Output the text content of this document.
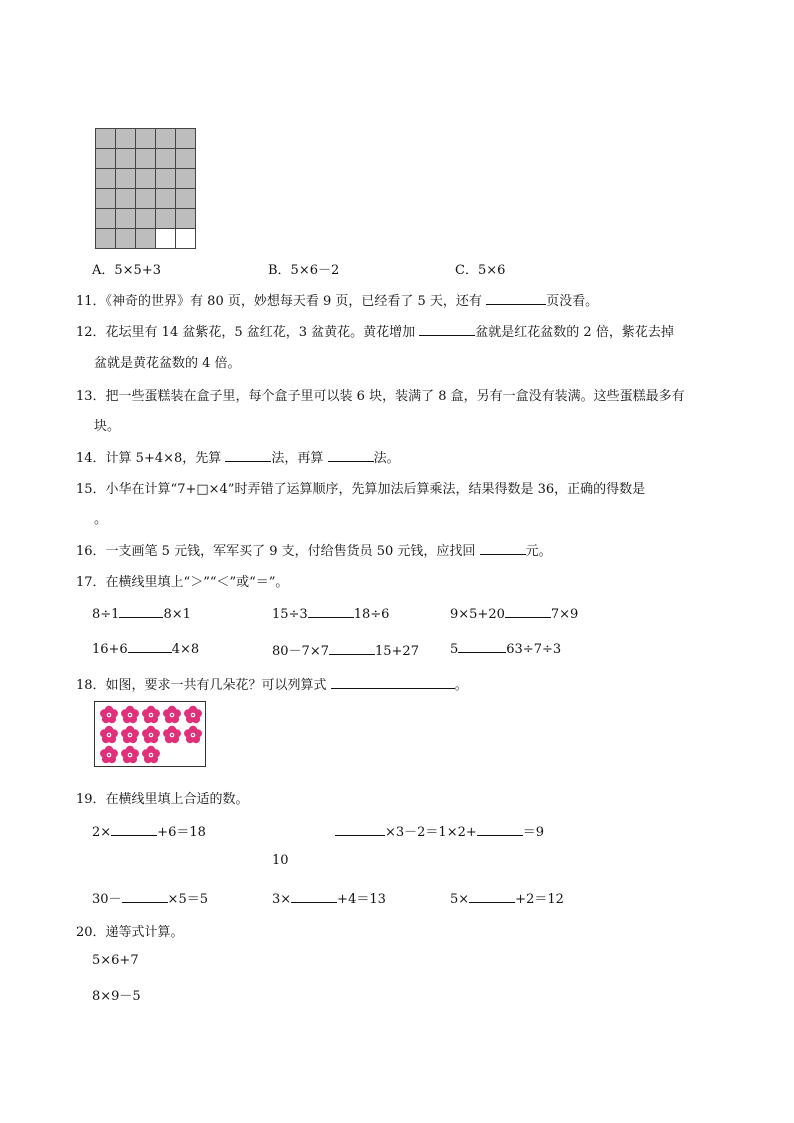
A．5×5+3	B．5×6－2	C．5×6
11．《神奇的世界》有 80 页，妙想每天看 9 页，已经看了 5 天，还有	页没看。
12．花坛里有 14 盆紫花，5 盆红花，3 盆黄花。黄花增加	盆就是红花盆数的 2 倍，紫花去掉
盆就是黄花盆数的 4 倍。
13．把一些蛋糕装在盒子里，每个盒子里可以装 6 块，装满了 8 盒，另有一盒没有装满。这些蛋糕最多有
块。
14．计算 5+4×8，先算	法，再算	法。
15．小华在计算“7+□×4”时弄错了运算顺序，先算加法后算乘法，结果得数是 36，正确的得数是
。
16．一支画笔 5 元钱，军军买了 9 支，付给售货员 50 元钱，应找回	元。
17．在横线里填上“＞”“＜”或“＝”。
8÷1	8×1	15÷3	18÷6	9×5+20	7×9
16+6	4×8	80－7×7	15+27 5	63÷7÷3
18．如图，要求一共有几朵花？可以列算式	。
19．在横线里填上合适的数。
2×	+6＝18	×3－2＝1×2+	＝9
10
30－	×5＝5	3×	+4＝13	5×	+2＝12
20．递等式计算。
5×6+7
8×9－5
